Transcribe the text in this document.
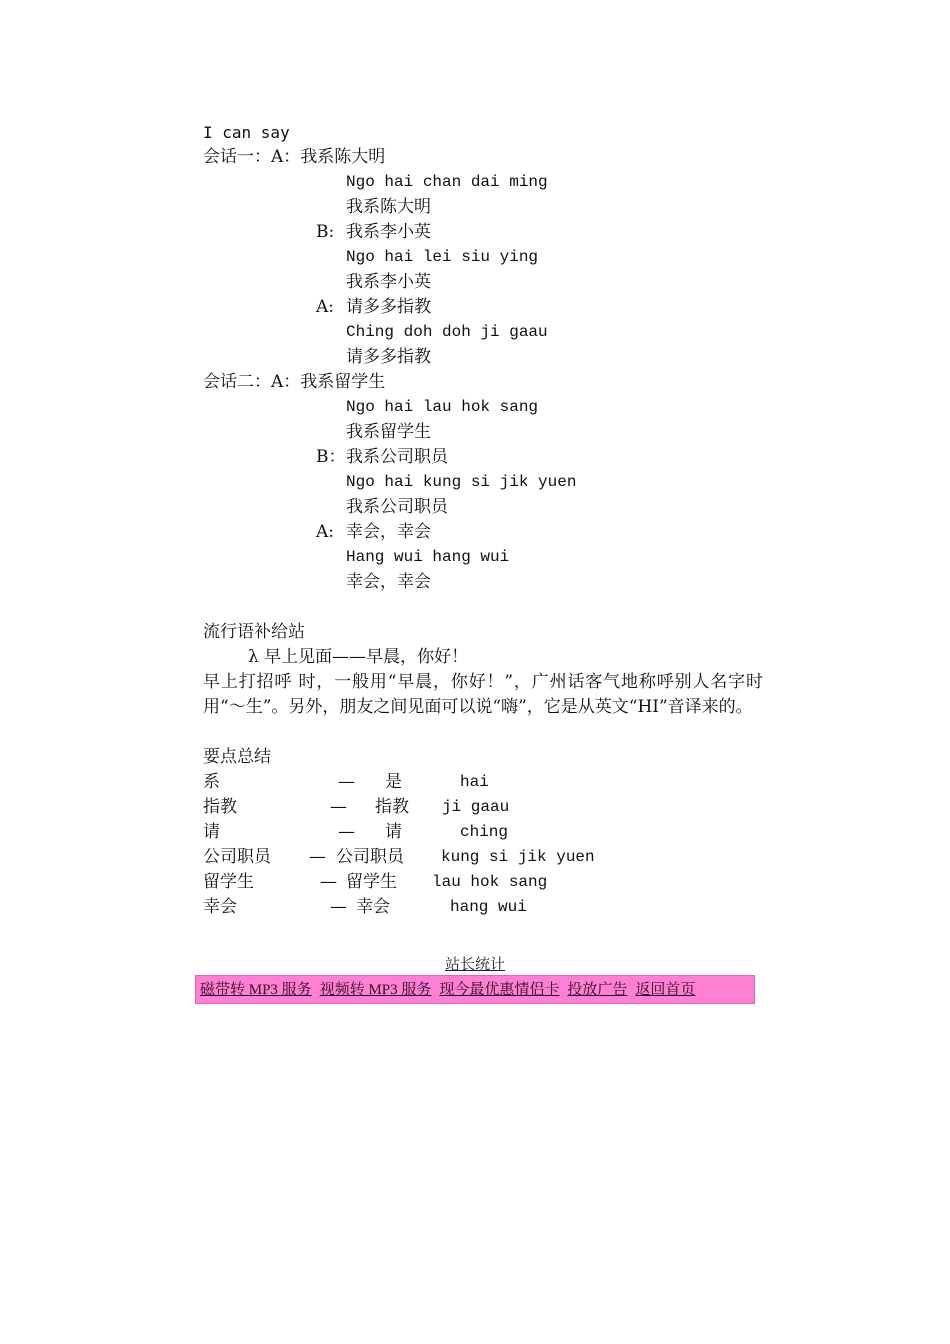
I can say
会话一：A：我系陈大明
Ngo hai chan dai ming
我系陈大明
B: 我系李小英
Ngo hai lei siu ying
我系李小英
A: 请多多指教
Ching doh doh ji gaau
请多多指教
会话二：A：我系留学生
Ngo hai lau hok sang
我系留学生
B： 我系公司职员
Ngo hai kung si jik yuen
我系公司职员
A: 幸会，幸会
Hang wui hang wui
幸会，幸会
流行语补给站
λ 早上见面——早晨，你好！
早上打招呼 时，一般用“早晨，你好！”，广州话客气地称呼别人名字时用“～生”。另外，朋友之间见面可以说“嗨”，它是从英文“HI”音译来的。
要点总结
系	— 是	hai
指教	— 指教 ji gaau
请	— 请	ching
公司职员 — 公司职员 kung si jik yuen
留学生	— 留学生 lau hok sang
幸会	— 幸会	hang wui
站长统计
磁带转 MP3 服务 视频转 MP3 服务 现今最优惠情侣卡 投放广告 返回首页
